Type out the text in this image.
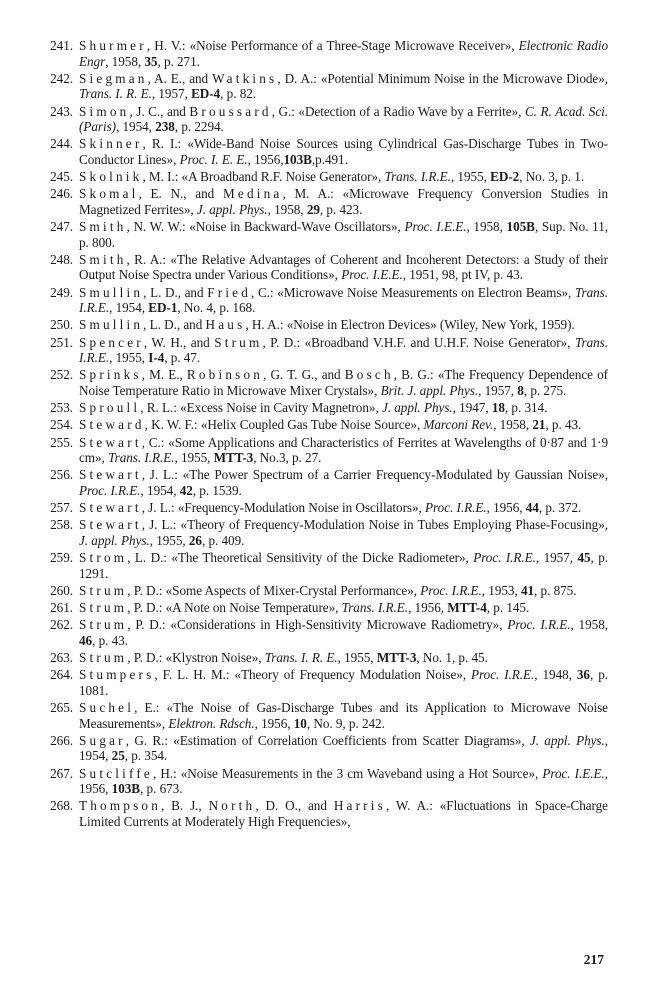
241. Shurmer, H. V.: «Noise Performance of a Three-Stage Microwave Receiver», Electronic Radio Engr, 1958, 35, p. 271.
242. Siegman, A. E., and Watkins, D. A.: «Potential Minimum Noise in the Microwave Diode», Trans. I. R. E., 1957, ED-4, p. 82.
243. Simon, J. C., and Broussard, G.: «Detection of a Radio Wave by a Ferrite», C. R. Acad. Sci. (Paris), 1954, 238, p. 2294.
244. Skinner, R. I.: «Wide-Band Noise Sources using Cylindrical Gas-Discharge Tubes in Two-Conductor Lines», Proc. I. E. E., 1956,103B,p.491.
245. Skolnik, M. I.: «A Broadband R.F. Noise Generator», Trans. I.R.E., 1955, ED-2, No. 3, p. 1.
246. Skomal, E. N., and Medina, M. A.: «Microwave Frequency Conversion Studies in Magnetized Ferrites», J. appl. Phys., 1958, 29, p. 423.
247. Smith, N. W. W.: «Noise in Backward-Wave Oscillators», Proc. I.E.E., 1958, 105B, Sup. No. 11, p. 800.
248. Smith, R. A.: «The Relative Advantages of Coherent and Incoherent Detectors: a Study of their Output Noise Spectra under Various Conditions», Proc. I.E.E., 1951, 98, pt IV, p. 43.
249. Smullin, L. D., and Fried, C.: «Microwave Noise Measurements on Electron Beams», Trans. I.R.E., 1954, ED-1, No. 4, p. 168.
250. Smullin, L. D., and Haus, H. A.: «Noise in Electron Devices» (Wiley, New York, 1959).
251. Spencer, W. H., and Strum, P. D.: «Broadband V.H.F. and U.H.F. Noise Generator», Trans. I.R.E., 1955, I-4, p. 47.
252. Sprinks, M. E., Robinson, G. T. G., and Bosch, B. G.: «The Frequency Dependence of Noise Temperature Ratio in Microwave Mixer Crystals», Brit. J. appl. Phys., 1957, 8, p. 275.
253. Sproull, R. L.: «Excess Noise in Cavity Magnetron», J. appl. Phys., 1947, 18, p. 314.
254. Steward, K. W. F.: «Helix Coupled Gas Tube Noise Source», Marconi Rev., 1958, 21, p. 43.
255. Stewart, C.: «Some Applications and Characteristics of Ferrites at Wavelengths of 0·87 and 1·9 cm», Trans. I.R.E., 1955, MTT-3, No.3, p. 27.
256. Stewart, J. L.: «The Power Spectrum of a Carrier Frequency-Modulated by Gaussian Noise», Proc. I.R.E., 1954, 42, p. 1539.
257. Stewart, J. L.: «Frequency-Modulation Noise in Oscillators», Proc. I.R.E., 1956, 44, p. 372.
258. Stewart, J. L.: «Theory of Frequency-Modulation Noise in Tubes Employing Phase-Focusing», J. appl. Phys., 1955, 26, p. 409.
259. Strom, L. D.: «The Theoretical Sensitivity of the Dicke Radiometer», Proc. I.R.E., 1957, 45, p. 1291.
260. Strum, P. D.: «Some Aspects of Mixer-Crystal Performance», Proc. I.R.E., 1953, 41, p. 875.
261. Strum, P. D.: «A Note on Noise Temperature», Trans. I.R.E., 1956, MTT-4, p. 145.
262. Strum, P. D.: «Considerations in High-Sensitivity Microwave Radiometry», Proc. I.R.E., 1958, 46, p. 43.
263. Strum, P. D.: «Klystron Noise», Trans. I. R. E., 1955, MTT-3, No. 1, p. 45.
264. Stumpers, F. L. H. M.: «Theory of Frequency Modulation Noise», Proc. I.R.E., 1948, 36, p. 1081.
265. Suchel, E.: «The Noise of Gas-Discharge Tubes and its Application to Microwave Noise Measurements», Elektron. Rdsch., 1956, 10, No. 9, p. 242.
266. Sugar, G. R.: «Estimation of Correlation Coefficients from Scatter Diagrams», J. appl. Phys., 1954, 25, p. 354.
267. Sutcliffe, H.: «Noise Measurements in the 3 cm Waveband using a Hot Source», Proc. I.E.E., 1956, 103B, p. 673.
268. Thompson, B. J., North, D. O., and Harris, W. A.: «Fluctuations in Space-Charge Limited Currents at Moderately High Frequencies»,
217
